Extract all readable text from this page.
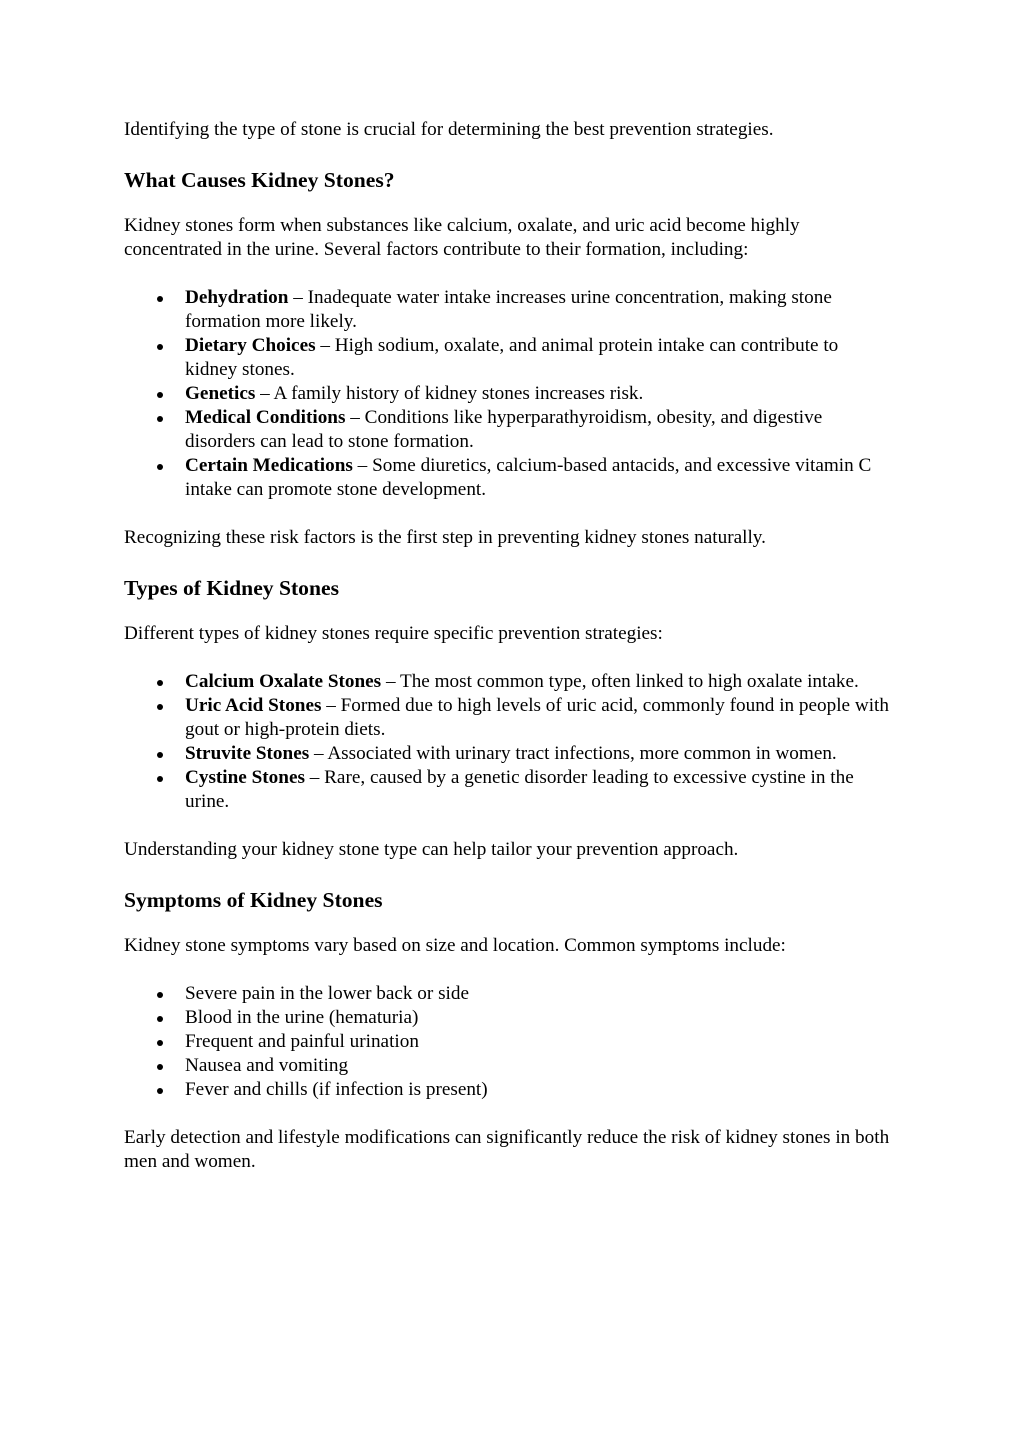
Identifying the type of stone is crucial for determining the best prevention strategies.

What Causes Kidney Stones?

Kidney stones form when substances like calcium, oxalate, and uric acid become highly concentrated in the urine. Several factors contribute to their formation, including:

Dehydration – Inadequate water intake increases urine concentration, making stone formation more likely.
Dietary Choices – High sodium, oxalate, and animal protein intake can contribute to kidney stones.
Genetics – A family history of kidney stones increases risk.
Medical Conditions – Conditions like hyperparathyroidism, obesity, and digestive disorders can lead to stone formation.
Certain Medications – Some diuretics, calcium-based antacids, and excessive vitamin C intake can promote stone development.

Recognizing these risk factors is the first step in preventing kidney stones naturally.

Types of Kidney Stones

Different types of kidney stones require specific prevention strategies:

Calcium Oxalate Stones – The most common type, often linked to high oxalate intake.
Uric Acid Stones – Formed due to high levels of uric acid, commonly found in people with gout or high-protein diets.
Struvite Stones – Associated with urinary tract infections, more common in women.
Cystine Stones – Rare, caused by a genetic disorder leading to excessive cystine in the urine.

Understanding your kidney stone type can help tailor your prevention approach.

Symptoms of Kidney Stones

Kidney stone symptoms vary based on size and location. Common symptoms include:

Severe pain in the lower back or side
Blood in the urine (hematuria)
Frequent and painful urination
Nausea and vomiting
Fever and chills (if infection is present)

Early detection and lifestyle modifications can significantly reduce the risk of kidney stones in both men and women.
